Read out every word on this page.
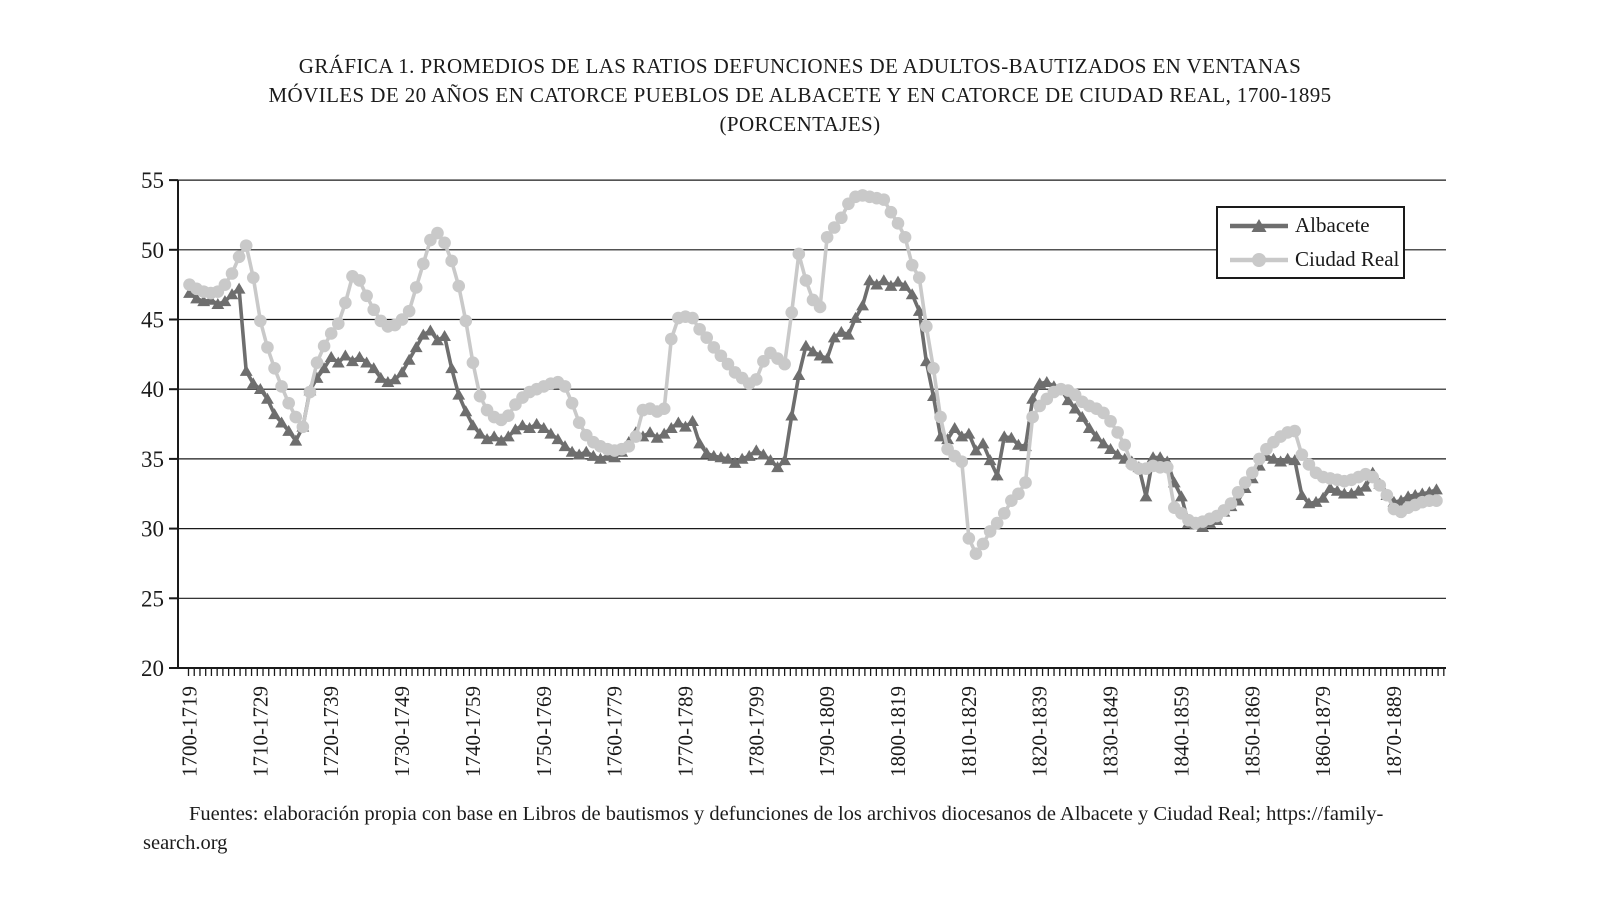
GRÁFICA 1. PROMEDIOS DE LAS RATIOS DEFUNCIONES DE ADULTOS-BAUTIZADOS EN VENTANAS
MÓVILES DE 20 AÑOS EN CATORCE PUEBLOS DE ALBACETE Y EN CATORCE DE CIUDAD REAL, 1700-1895
(PORCENTAJES)
20
25
30
35
40
45
50
55
1700-1719 1710-1729 1720-1739 1730-1749 1740-1759 1750-1769 1760-1779 1770-1789 1780-1799 1790-1809 1800-1819 1810-1829 1820-1839 1830-1849 1840-1859 1850-1869 1860-1879 1870-1889
Albacete
Ciudad Real
Fuentes: elaboración propia con base en Libros de bautismos y defunciones de los archivos diocesanos de Albacete y Ciudad Real; https://family-
search.org
